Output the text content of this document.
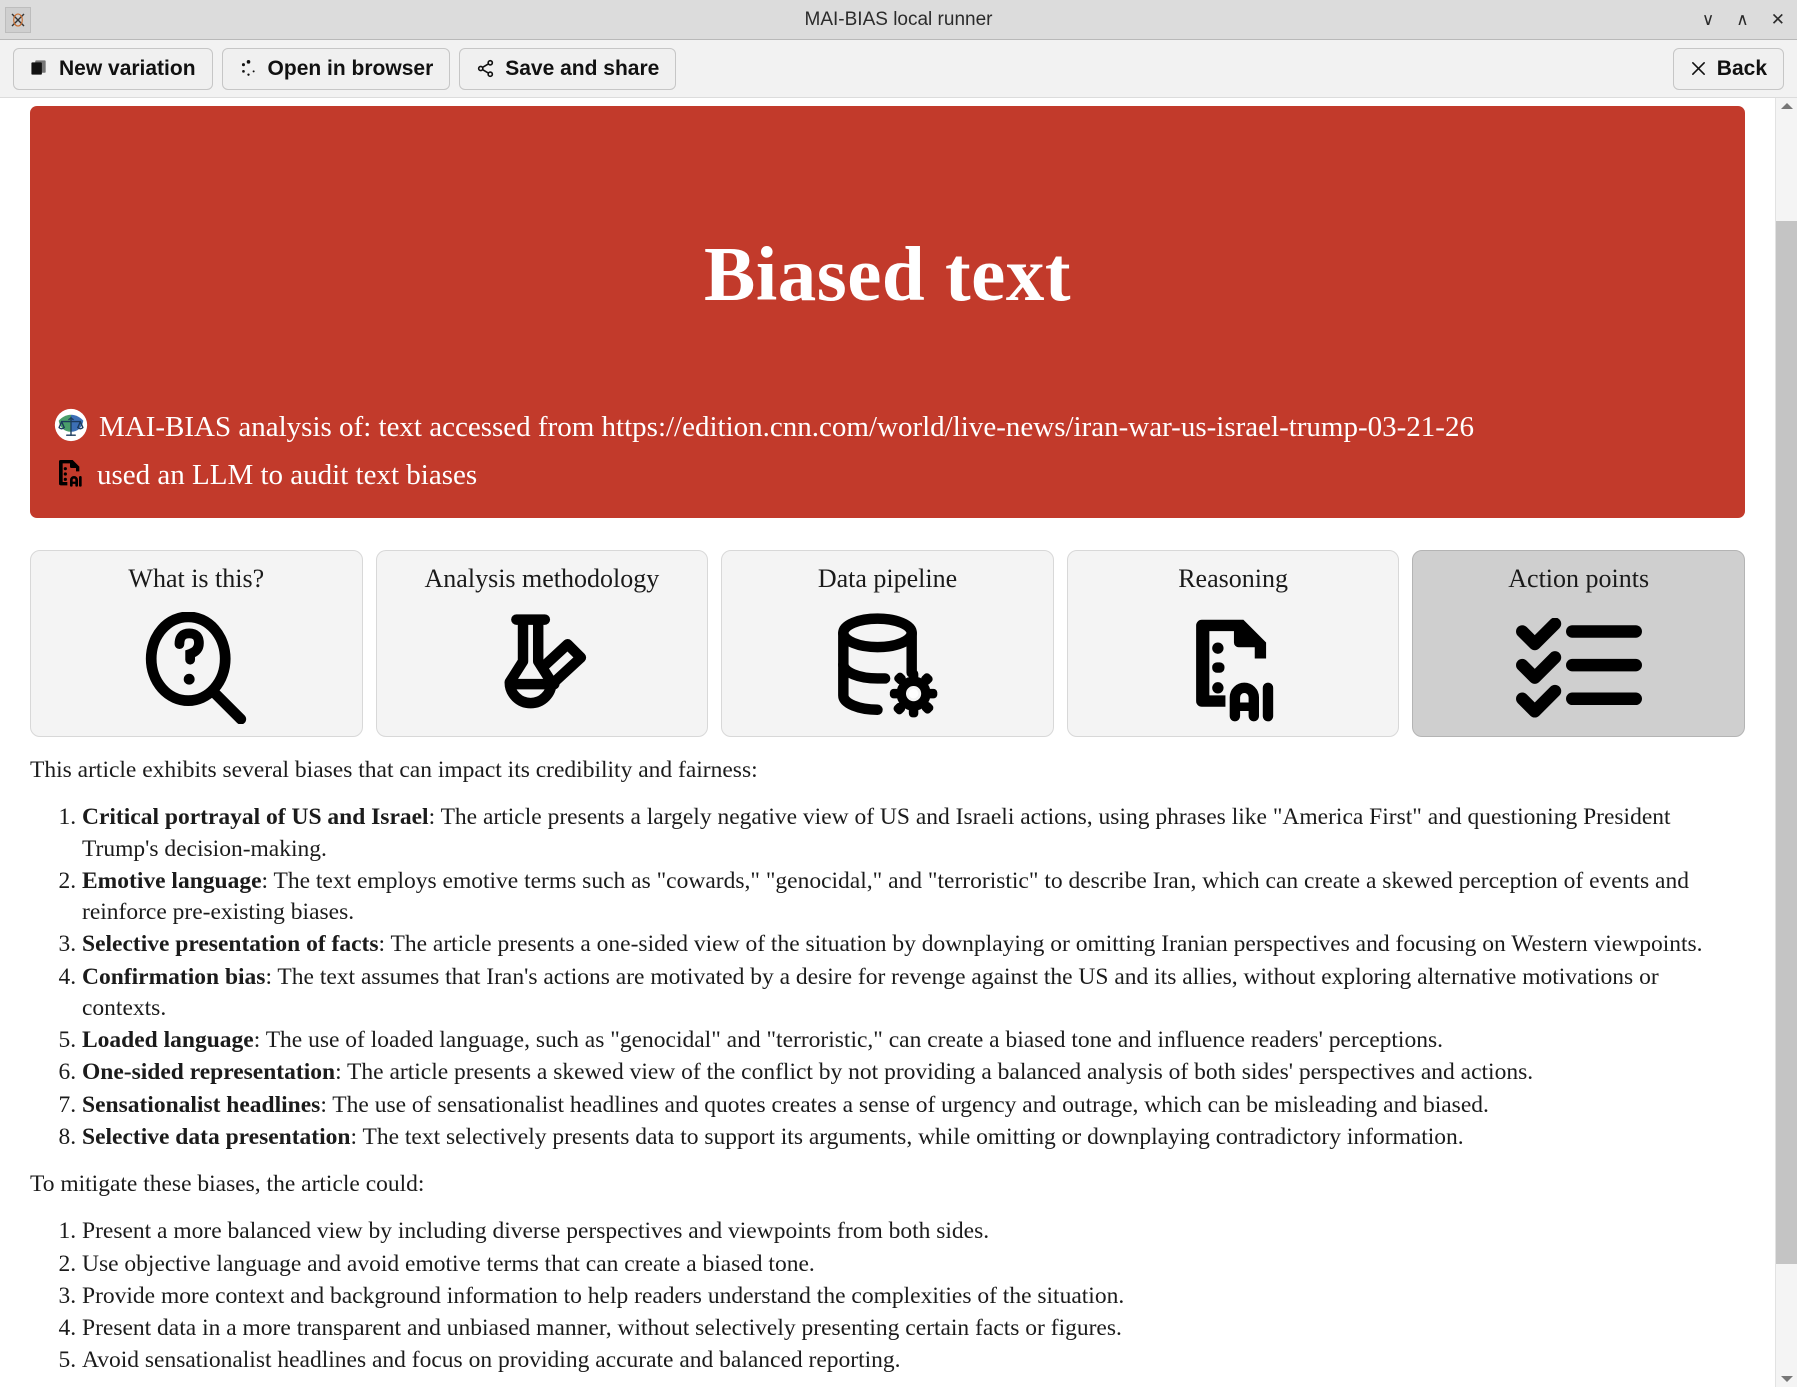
MAI-BIAS local runner	∨ ∧ ✕
New variation	Open in browser	Save and share	Back
Biased text
MAI-BIAS analysis of: text accessed from https://edition.cnn.com/world/live-news/iran-war-us-israel-trump-03-21-26
used an LLM to audit text biases
What is this?	Analysis methodology	Data pipeline	Reasoning	Action points

This article exhibits several biases that can impact its credibility and fairness:

1. Critical portrayal of US and Israel: The article presents a largely negative view of US and Israeli actions, using phrases like "America First" and questioning President Trump's decision-making.
2. Emotive language: The text employs emotive terms such as "cowards," "genocidal," and "terroristic" to describe Iran, which can create a skewed perception of events and reinforce pre-existing biases.
3. Selective presentation of facts: The article presents a one-sided view of the situation by downplaying or omitting Iranian perspectives and focusing on Western viewpoints.
4. Confirmation bias: The text assumes that Iran's actions are motivated by a desire for revenge against the US and its allies, without exploring alternative motivations or contexts.
5. Loaded language: The use of loaded language, such as "genocidal" and "terroristic," can create a biased tone and influence readers' perceptions.
6. One-sided representation: The article presents a skewed view of the conflict by not providing a balanced analysis of both sides' perspectives and actions.
7. Sensationalist headlines: The use of sensationalist headlines and quotes creates a sense of urgency and outrage, which can be misleading and biased.
8. Selective data presentation: The text selectively presents data to support its arguments, while omitting or downplaying contradictory information.

To mitigate these biases, the article could:

1. Present a more balanced view by including diverse perspectives and viewpoints from both sides.
2. Use objective language and avoid emotive terms that can create a biased tone.
3. Provide more context and background information to help readers understand the complexities of the situation.
4. Present data in a more transparent and unbiased manner, without selectively presenting certain facts or figures.
5. Avoid sensationalist headlines and focus on providing accurate and balanced reporting.
